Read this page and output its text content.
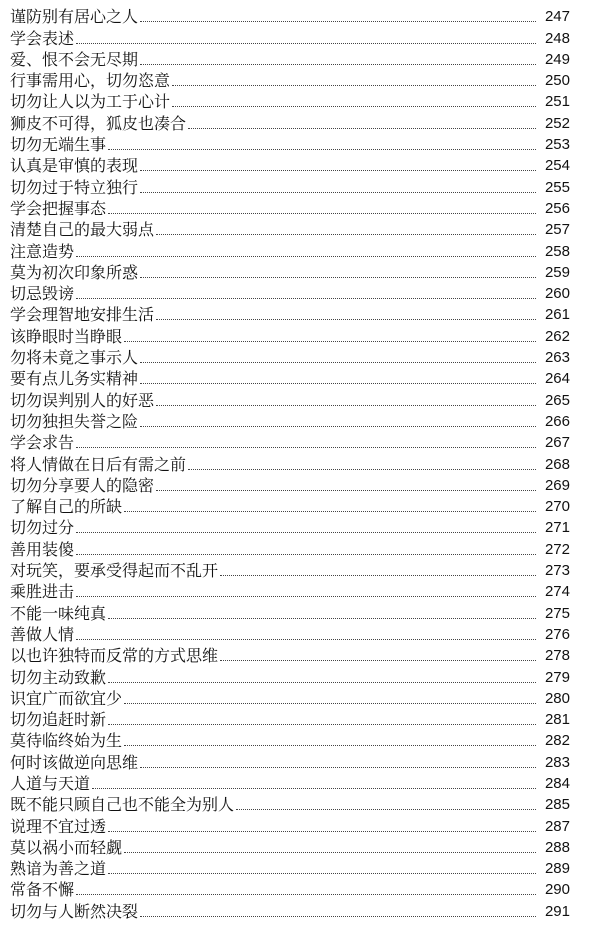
谨防别有居心之人	247
学会表述	248
爱、恨不会无尽期	249
行事需用心，切勿恣意	250
切勿让人以为工于心计	251
狮皮不可得，狐皮也凑合	252
切勿无端生事	253
认真是审慎的表现	254
切勿过于特立独行	255
学会把握事态	256
清楚自己的最大弱点	257
注意造势	258
莫为初次印象所惑	259
切忌毁谤	260
学会理智地安排生活	261
该睁眼时当睁眼	262
勿将未竟之事示人	263
要有点儿务实精神	264
切勿误判别人的好恶	265
切勿独担失誉之险	266
学会求告	267
将人情做在日后有需之前	268
切勿分享要人的隐密	269
了解自己的所缺	270
切勿过分	271
善用装傻	272
对玩笑，要承受得起而不乱开	273
乘胜进击	274
不能一味纯真	275
善做人情	276
以也许独特而反常的方式思维	278
切勿主动致歉	279
识宜广而欲宜少	280
切勿追赶时新	281
莫待临终始为生	282
何时该做逆向思维	283
人道与天道	284
既不能只顾自己也不能全为别人	285
说理不宜过透	287
莫以祸小而轻觑	288
熟谙为善之道	289
常备不懈	290
切勿与人断然决裂	291
